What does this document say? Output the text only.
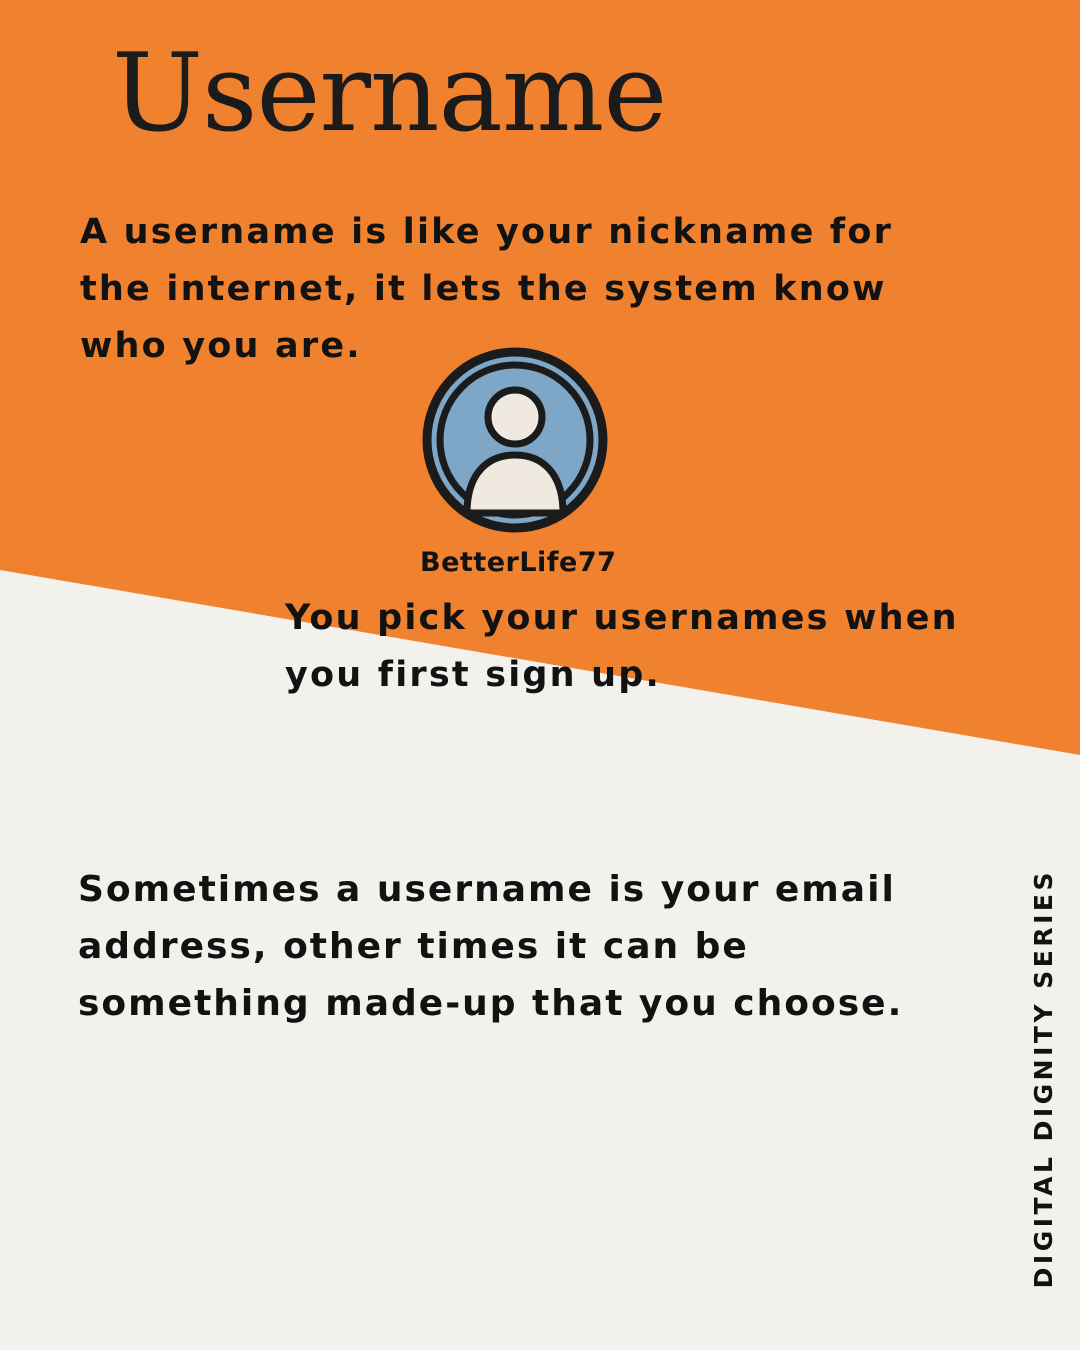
Username
A username is like your nickname for the internet, it lets the system know who you are.
BetterLife77
You pick your usernames when you first sign up.
Sometimes a username is your email address, other times it can be something made-up that you choose.	DIGITAL DIGNITY SERIES
